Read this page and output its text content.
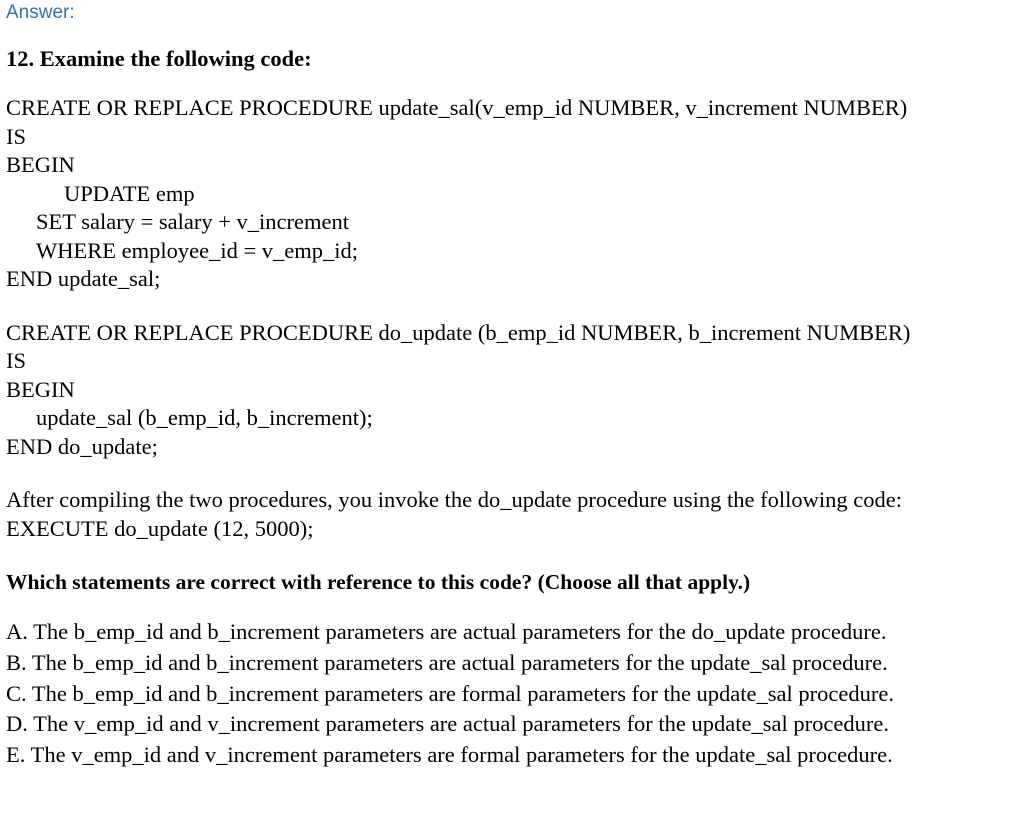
Answer:

12. Examine the following code:

CREATE OR REPLACE PROCEDURE update_sal(v_emp_id NUMBER, v_increment NUMBER)

IS

BEGIN

UPDATE emp

SET salary = salary + v_increment

WHERE employee_id = v_emp_id;

END update_sal;

CREATE OR REPLACE PROCEDURE do_update (b_emp_id NUMBER, b_increment NUMBER)

IS

BEGIN

update_sal (b_emp_id, b_increment);

END do_update;

After compiling the two procedures, you invoke the do_update procedure using the following code:

EXECUTE do_update (12, 5000);

Which statements are correct with reference to this code? (Choose all that apply.)

A. The b_emp_id and b_increment parameters are actual parameters for the do_update procedure.

B. The b_emp_id and b_increment parameters are actual parameters for the update_sal procedure.

C. The b_emp_id and b_increment parameters are formal parameters for the update_sal procedure.

D. The v_emp_id and v_increment parameters are actual parameters for the update_sal procedure.

E. The v_emp_id and v_increment parameters are formal parameters for the update_sal procedure.
